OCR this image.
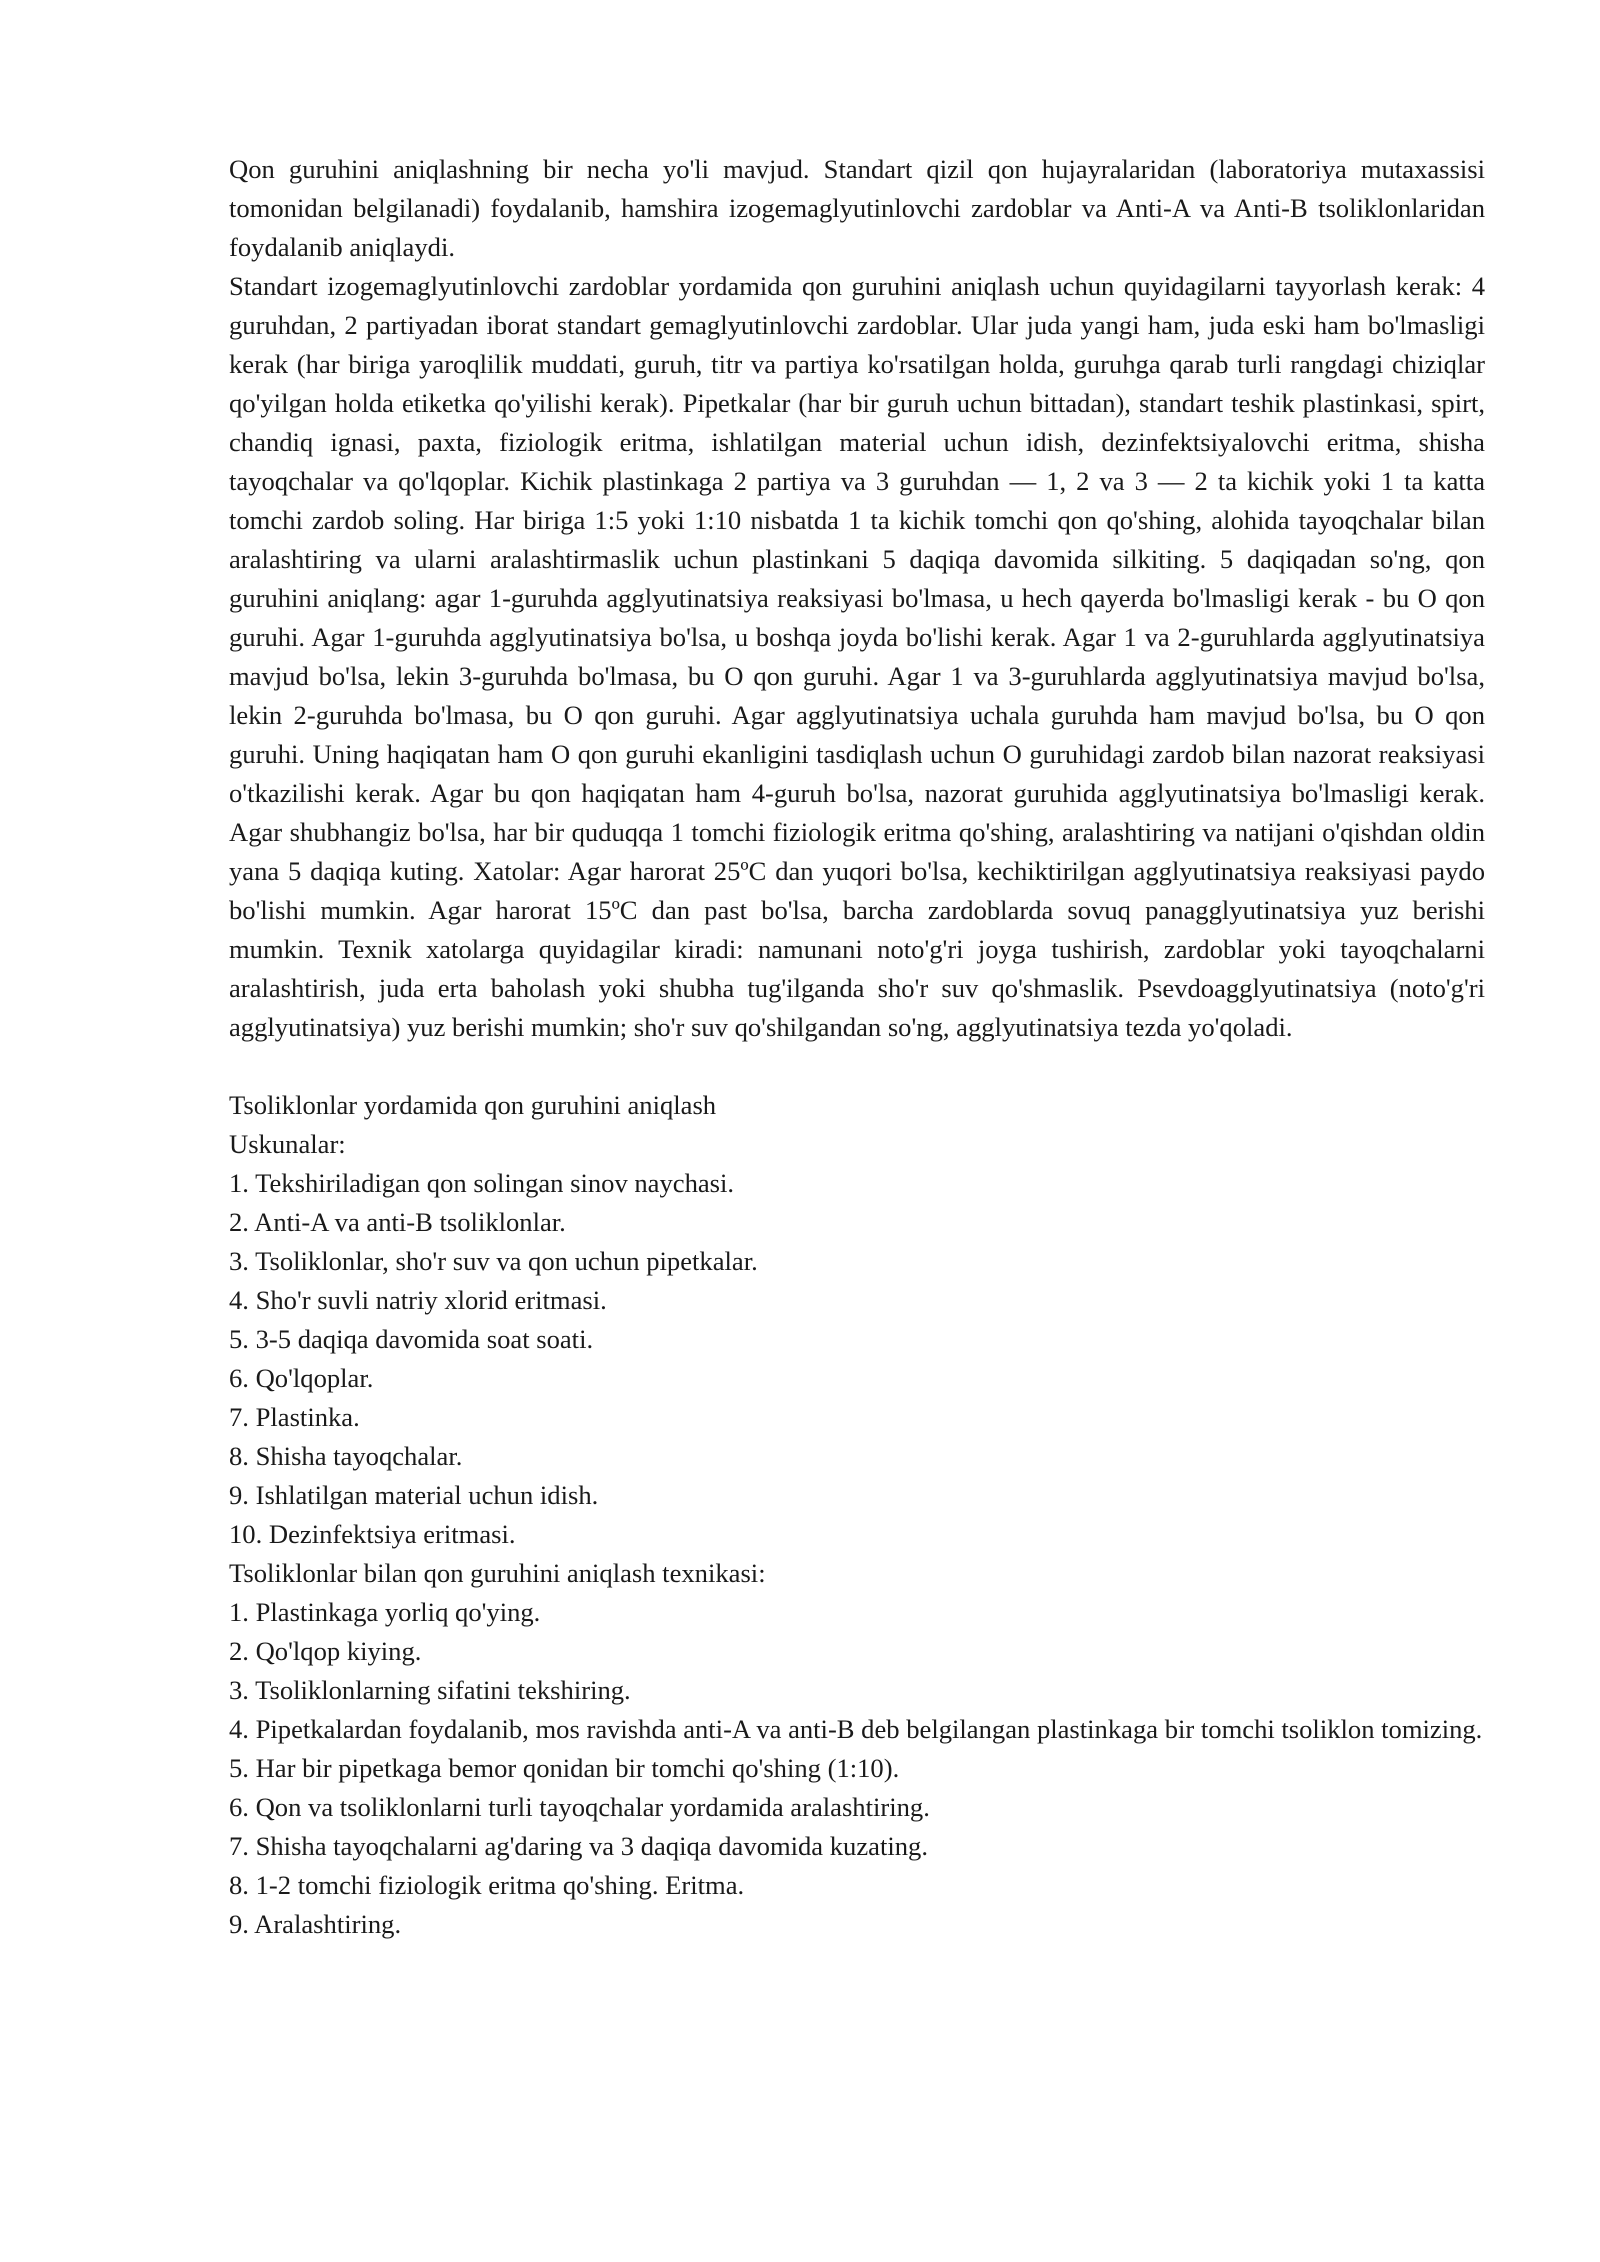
Qon guruhini aniqlashning bir necha yo'li mavjud. Standart qizil qon hujayralaridan (laboratoriya mutaxassisi tomonidan belgilanadi) foydalanib, hamshira izogemaglyutinlovchi zardoblar va Anti-A va Anti-B tsoliklonlaridan foydalanib aniqlaydi.

Standart izogemaglyutinlovchi zardoblar yordamida qon guruhini aniqlash uchun quyidagilarni tayyorlash kerak: 4 guruhdan, 2 partiyadan iborat standart gemaglyutinlovchi zardoblar. Ular juda yangi ham, juda eski ham bo'lmasligi kerak (har biriga yaroqlilik muddati, guruh, titr va partiya ko'rsatilgan holda, guruhga qarab turli rangdagi chiziqlar qo'yilgan holda etiketka qo'yilishi kerak). Pipetkalar (har bir guruh uchun bittadan), standart teshik plastinkasi, spirt, chandiq ignasi, paxta, fiziologik eritma, ishlatilgan material uchun idish, dezinfektsiyalovchi eritma, shisha tayoqchalar va qo'lqoplar. Kichik plastinkaga 2 partiya va 3 guruhdan — 1, 2 va 3 — 2 ta kichik yoki 1 ta katta tomchi zardob soling. Har biriga 1:5 yoki 1:10 nisbatda 1 ta kichik tomchi qon qo'shing, alohida tayoqchalar bilan aralashtiring va ularni aralashtirmaslik uchun plastinkani 5 daqiqa davomida silkiting. 5 daqiqadan so'ng, qon guruhini aniqlang: agar 1-guruhda agglyutinatsiya reaksiyasi bo'lmasa, u hech qayerda bo'lmasligi kerak - bu O qon guruhi. Agar 1-guruhda agglyutinatsiya bo'lsa, u boshqa joyda bo'lishi kerak. Agar 1 va 2-guruhlarda agglyutinatsiya mavjud bo'lsa, lekin 3-guruhda bo'lmasa, bu O qon guruhi. Agar 1 va 3-guruhlarda agglyutinatsiya mavjud bo'lsa, lekin 2-guruhda bo'lmasa, bu O qon guruhi. Agar agglyutinatsiya uchala guruhda ham mavjud bo'lsa, bu O qon guruhi. Uning haqiqatan ham O qon guruhi ekanligini tasdiqlash uchun O guruhidagi zardob bilan nazorat reaksiyasi o'tkazilishi kerak. Agar bu qon haqiqatan ham 4-guruh bo'lsa, nazorat guruhida agglyutinatsiya bo'lmasligi kerak. Agar shubhangiz bo'lsa, har bir quduqqa 1 tomchi fiziologik eritma qo'shing, aralashtiring va natijani o'qishdan oldin yana 5 daqiqa kuting. Xatolar: Agar harorat 25ºC dan yuqori bo'lsa, kechiktirilgan agglyutinatsiya reaksiyasi paydo bo'lishi mumkin. Agar harorat 15ºC dan past bo'lsa, barcha zardoblarda sovuq panagglyutinatsiya yuz berishi mumkin. Texnik xatolarga quyidagilar kiradi: namunani noto'g'ri joyga tushirish, zardoblar yoki tayoqchalarni aralashtirish, juda erta baholash yoki shubha tug'ilganda sho'r suv qo'shmaslik. Psevdoagglyutinatsiya (noto'g'ri agglyutinatsiya) yuz berishi mumkin; sho'r suv qo'shilgandan so'ng, agglyutinatsiya tezda yo'qoladi.

Tsoliklonlar yordamida qon guruhini aniqlash

Uskunalar:

1. Tekshiriladigan qon solingan sinov naychasi.

2. Anti-A va anti-B tsoliklonlar.

3. Tsoliklonlar, sho'r suv va qon uchun pipetkalar.

4. Sho'r suvli natriy xlorid eritmasi.

5. 3-5 daqiqa davomida soat soati.

6. Qo'lqoplar.

7. Plastinka.

8. Shisha tayoqchalar.

9. Ishlatilgan material uchun idish.

10. Dezinfektsiya eritmasi.

Tsoliklonlar bilan qon guruhini aniqlash texnikasi:

1. Plastinkaga yorliq qo'ying.

2. Qo'lqop kiying.

3. Tsoliklonlarning sifatini tekshiring.

4. Pipetkalardan foydalanib, mos ravishda anti-A va anti-B deb belgilangan plastinkaga bir tomchi tsoliklon tomizing.

5. Har bir pipetkaga bemor qonidan bir tomchi qo'shing (1:10).

6. Qon va tsoliklonlarni turli tayoqchalar yordamida aralashtiring.

7. Shisha tayoqchalarni ag'daring va 3 daqiqa davomida kuzating.

8. 1-2 tomchi fiziologik eritma qo'shing. Eritma.

9. Aralashtiring.
